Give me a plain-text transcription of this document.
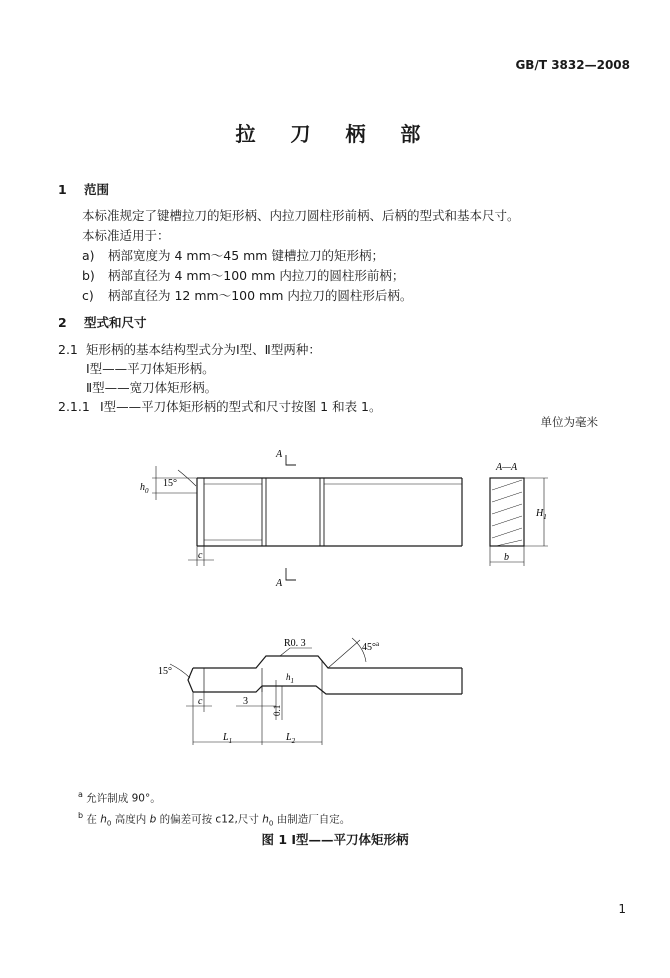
GB/T 3832—2008
拉 刀 柄 部
1 范围
本标准规定了键槽拉刀的矩形柄、内拉刀圆柱形前柄、后柄的型式和基本尺寸。
本标准适用于：
a) 柄部宽度为 4 mm～45 mm 键槽拉刀的矩形柄；
b) 柄部直径为 4 mm～100 mm 内拉刀的圆柱形前柄；
c) 柄部直径为 12 mm～100 mm 内拉刀的圆柱形后柄。
2 型式和尺寸
2.1 矩形柄的基本结构型式分为Ⅰ型、Ⅱ型两种：
Ⅰ型——平刀体矩形柄。
Ⅱ型——宽刀体矩形柄。
2.1.1 Ⅰ型——平刀体矩形柄的型式和尺寸按图 1 和表 1。
单位为毫米
A
A
A—A
15°
$h_0$
c	b
$H_1$
R0. 3	45°$^a$
15°	$h_1$
c	3
0.1
$L_1$	$L_2$
$^a$ 允许制成 90°。
$^b$ 在 $h_0$ 高度内 b 的偏差可按 c12,尺寸 $h_0$ 由制造厂自定。
图 1 Ⅰ型——平刀体矩形柄
1
